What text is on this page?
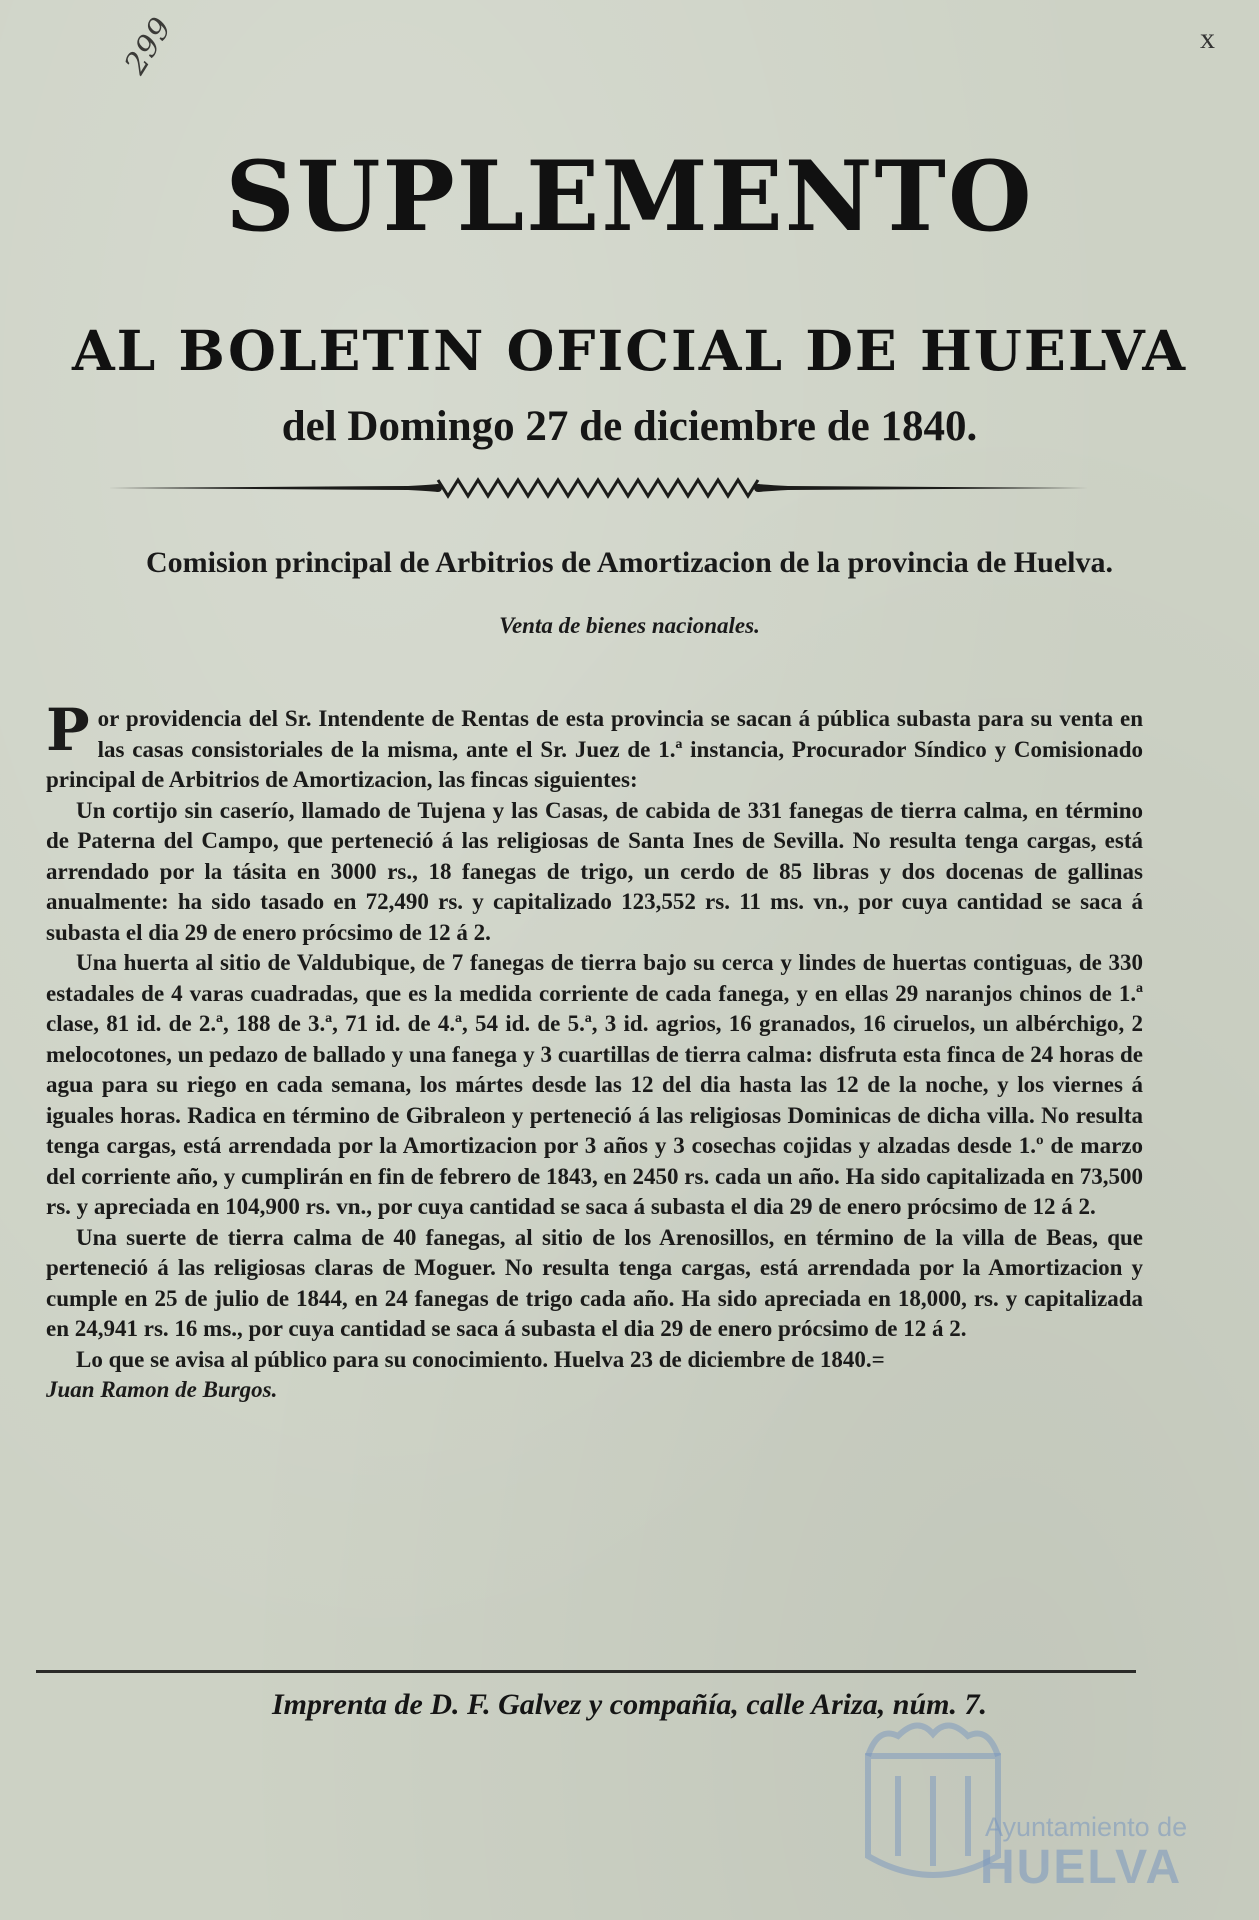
299	x
SUPLEMENTO
AL BOLETIN OFICIAL DE HUELVA
del Domingo 27 de diciembre de 1840.
Comision principal de Arbitrios de Amortizacion de la provincia de Huelva.
Venta de bienes nacionales.

Por providencia del Sr. Intendente de Rentas de esta provincia se sacan á pública subasta para su venta en las casas consistoriales de la misma, ante el Sr. Juez de 1.ª instancia, Procurador Síndico y Comisionado principal de Arbitrios de Amortizacion, las fincas siguientes:

Un cortijo sin caserío, llamado de Tujena y las Casas, de cabida de 331 fanegas de tierra calma, en término de Paterna del Campo, que perteneció á las religiosas de Santa Ines de Sevilla. No resulta tenga cargas, está arrendado por la tásita en 3000 rs., 18 fanegas de trigo, un cerdo de 85 libras y dos docenas de gallinas anualmente: ha sido tasado en 72,490 rs. y capitalizado 123,552 rs. 11 ms. vn., por cuya cantidad se saca á subasta el dia 29 de enero prócsimo de 12 á 2.

Una huerta al sitio de Valdubique, de 7 fanegas de tierra bajo su cerca y lindes de huertas contiguas, de 330 estadales de 4 varas cuadradas, que es la medida corriente de cada fanega, y en ellas 29 naranjos chinos de 1.ª clase, 81 id. de 2.ª, 188 de 3.ª, 71 id. de 4.ª, 54 id. de 5.ª, 3 id. agrios, 16 granados, 16 ciruelos, un albérchigo, 2 melocotones, un pedazo de ballado y una fanega y 3 cuartillas de tierra calma: disfruta esta finca de 24 horas de agua para su riego en cada semana, los mártes desde las 12 del dia hasta las 12 de la noche, y los viernes á iguales horas. Radica en término de Gibraleon y perteneció á las religiosas Dominicas de dicha villa. No resulta tenga cargas, está arrendada por la Amortizacion por 3 años y 3 cosechas cojidas y alzadas desde 1.º de marzo del corriente año, y cumplirán en fin de febrero de 1843, en 2450 rs. cada un año. Ha sido capitalizada en 73,500 rs. y apreciada en 104,900 rs. vn., por cuya cantidad se saca á subasta el dia 29 de enero prócsimo de 12 á 2.

Una suerte de tierra calma de 40 fanegas, al sitio de los Arenosillos, en término de la villa de Beas, que perteneció á las religiosas claras de Moguer. No resulta tenga cargas, está arrendada por la Amortizacion y cumple en 25 de julio de 1844, en 24 fanegas de trigo cada año. Ha sido apreciada en 18,000, rs. y capitalizada en 24,941 rs. 16 ms., por cuya cantidad se saca á subasta el dia 29 de enero prócsimo de 12 á 2.

Lo que se avisa al público para su conocimiento. Huelva 23 de diciembre de 1840.=
Juan Ramon de Burgos.

Imprenta de D. F. Galvez y compañía, calle Ariza, núm. 7.
Ayuntamiento de
HUELVA
